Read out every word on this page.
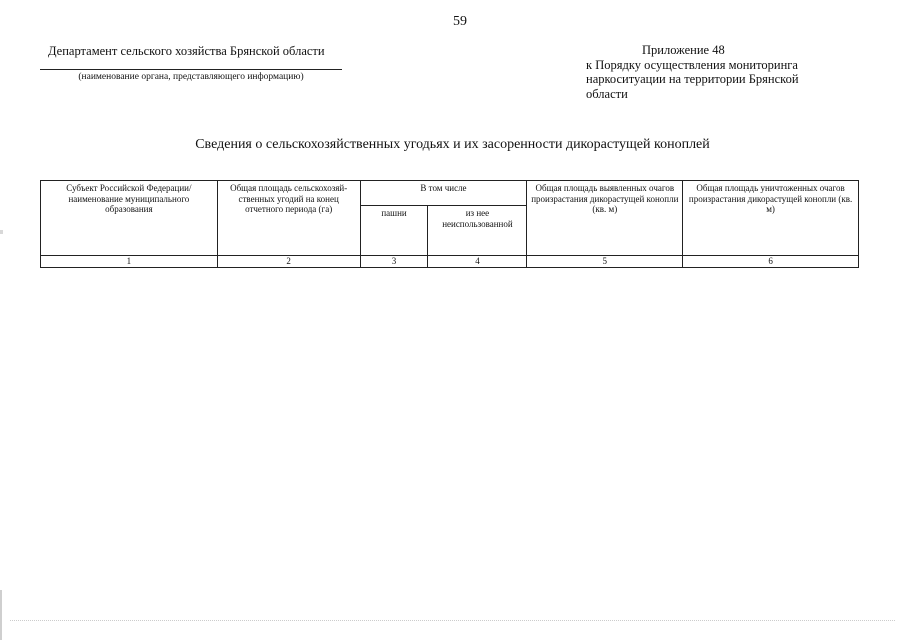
59
Департамент сельского хозяйства Брянской области
(наименование органа, представляющего информацию)
Приложение 48
к Порядку осуществления мониторинга
наркоситуации на территории Брянской
области
Сведения о сельскохозяйственных угодьях и их засоренности дикорастущей коноплей
Субъект Российской Федерации/ наименование муниципального образования	Общая площадь сельскохозяй-ственных угодий на конец отчетного периода (га)	В том числе		Общая площадь выявленных очагов произрастания дикорастущей конопли (кв. м)	Общая площадь уничтоженных очагов произрастания дикорастущей конопли (кв. м)
		пашни	из нее неиспользованной		
1	2	3	4	5	6
